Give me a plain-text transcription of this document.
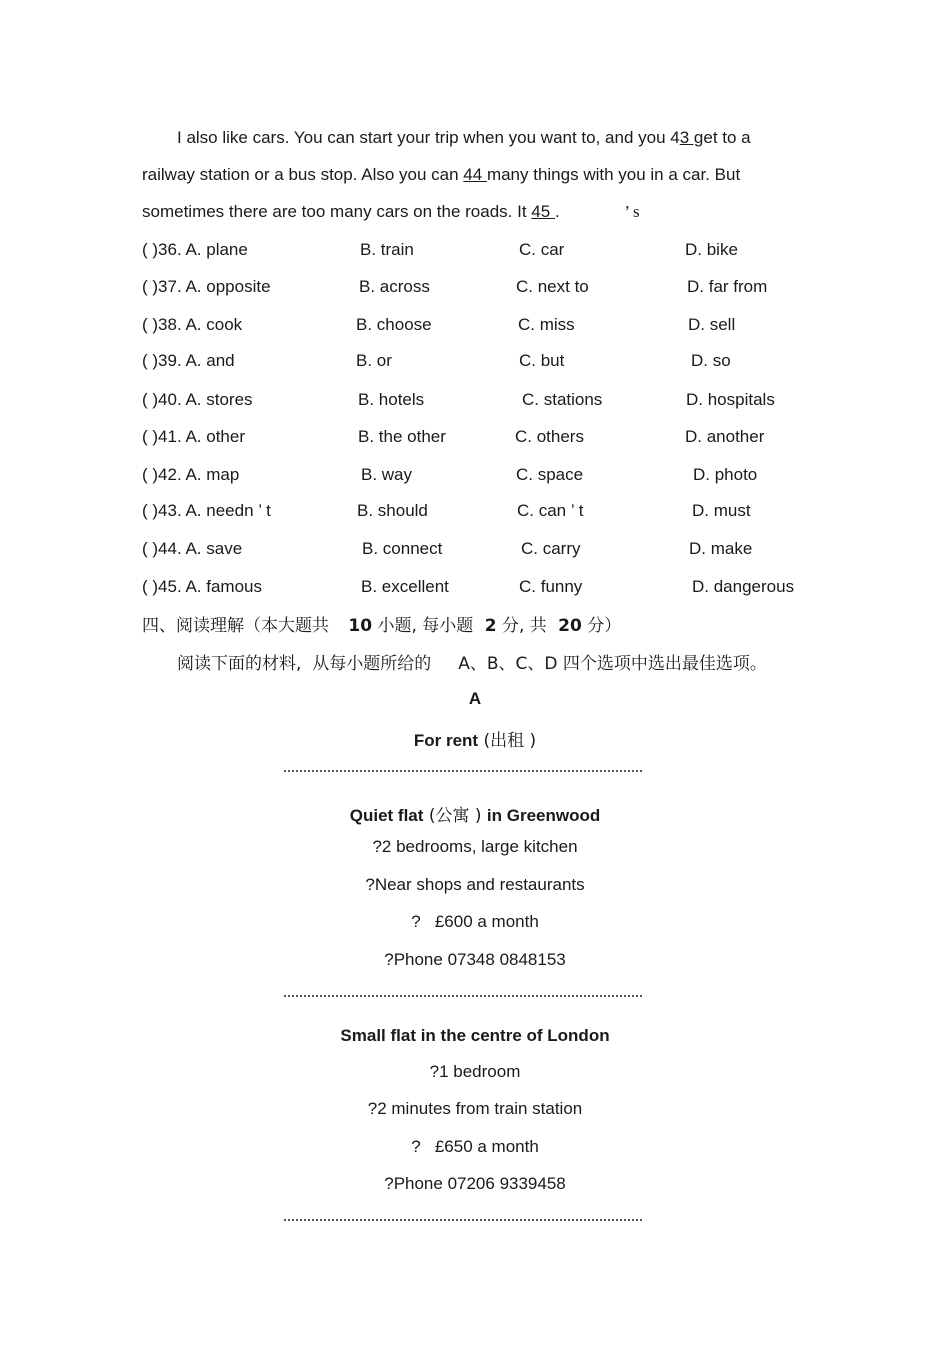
I also like cars. You can start your trip when you want to, and you 43 get to a
railway station or a bus stop. Also you can 44 many things with you in a car. But
sometimes there are too many cars on the roads. It 45 .	’ s
( )36. A. plane	B. train	C. car	D. bike
( )37. A. opposite	B. across	C. next to	D. far from
( )38. A. cook	B. choose	C. miss	D. sell
( )39. A. and	B. or	C. but	D. so
( )40. A. stores	B. hotels	C. stations	D. hospitals
( )41. A. other	B. the other	C. others	D. another
( )42. A. map	B. way	C. space	D. photo
( )43. A. needn ’ t	B. should	C. can ’ t	D. must
( )44. A. save	B. connect	C. carry	D. make
( )45. A. famous	B. excellent	C. funny	D. dangerous
四、阅读理解（本大题共 10 小题, 每小题 2 分, 共 20 分）
阅读下面的材料,  从每小题所给的     A、B、C、D 四个选项中选出最佳选项。
A
For rent (出租 )
Quiet flat (公寓 ) in Greenwood
?2 bedrooms, large kitchen
?Near shops and restaurants
?   £600 a month
?Phone 07348 0848153
Small flat in the centre of London
?1 bedroom
?2 minutes from train station
?   £650 a month
?Phone 07206 9339458
